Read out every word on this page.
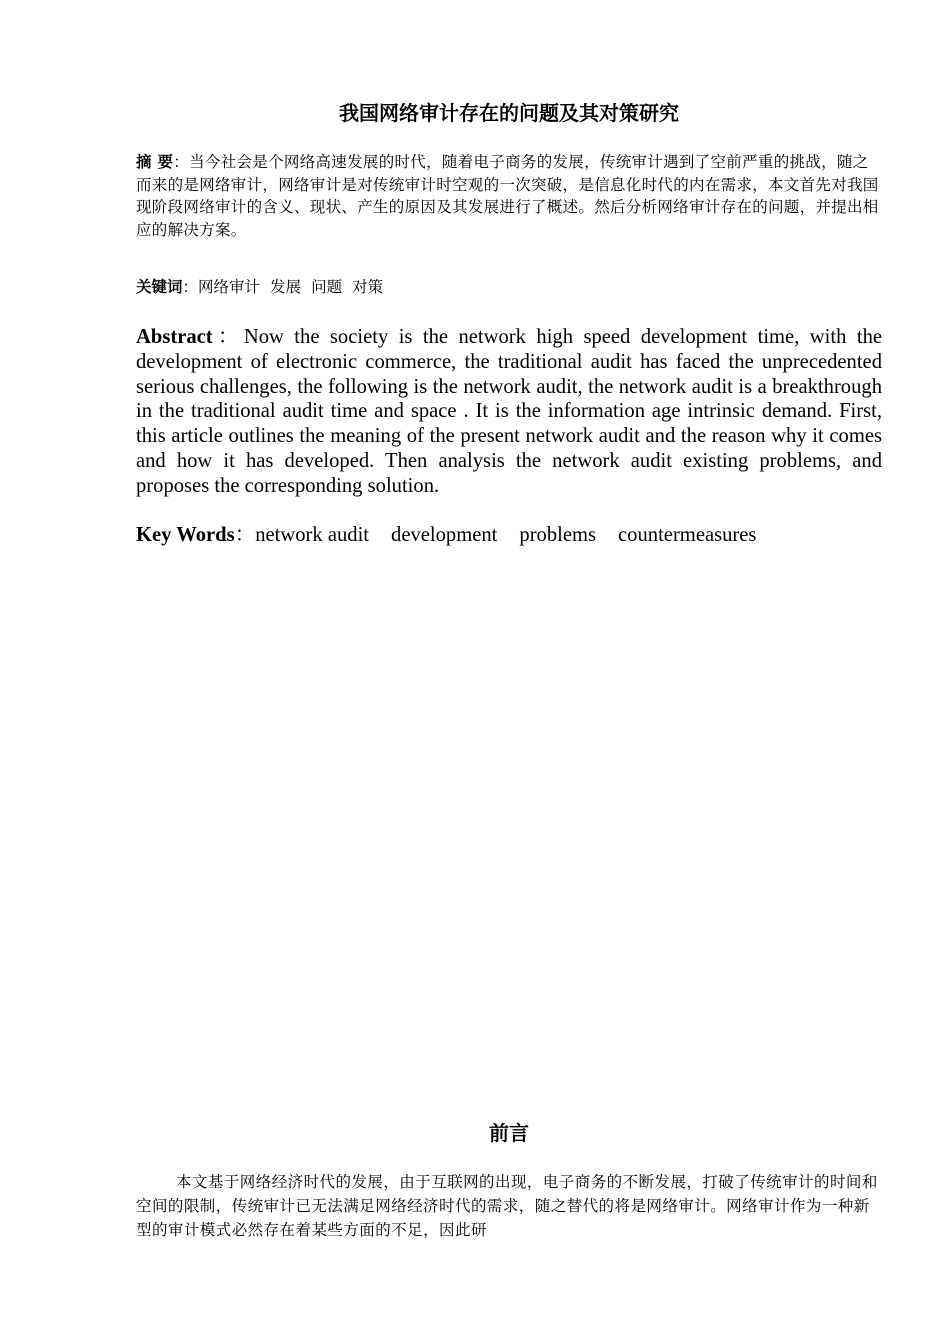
我国网络审计存在的问题及其对策研究
摘 要：当今社会是个网络高速发展的时代，随着电子商务的发展，传统审计遇到了空前严重的挑战，随之而来的是网络审计，网络审计是对传统审计时空观的一次突破，是信息化时代的内在需求，本文首先对我国现阶段网络审计的含义、现状、产生的原因及其发展进行了概述。然后分析网络审计存在的问题，并提出相应的解决方案。
关键词：网络审计 发展 问题 对策
Abstract：Now the society is the network high speed development time, with the development of electronic commerce, the traditional audit has faced the unprecedented serious challenges, the following is the network audit, the network audit is a breakthrough in the traditional audit time and space . It is the information age intrinsic demand. First, this article outlines the meaning of the present network audit and the reason why it comes and how it has developed. Then analysis the network audit existing problems, and proposes the corresponding solution.
Key Words：network audit development problems countermeasures
前言
本文基于网络经济时代的发展，由于互联网的出现，电子商务的不断发展，打破了传统审计的时间和空间的限制，传统审计已无法满足网络经济时代的需求，随之替代的将是网络审计。网络审计作为一种新型的审计模式必然存在着某些方面的不足，因此研
